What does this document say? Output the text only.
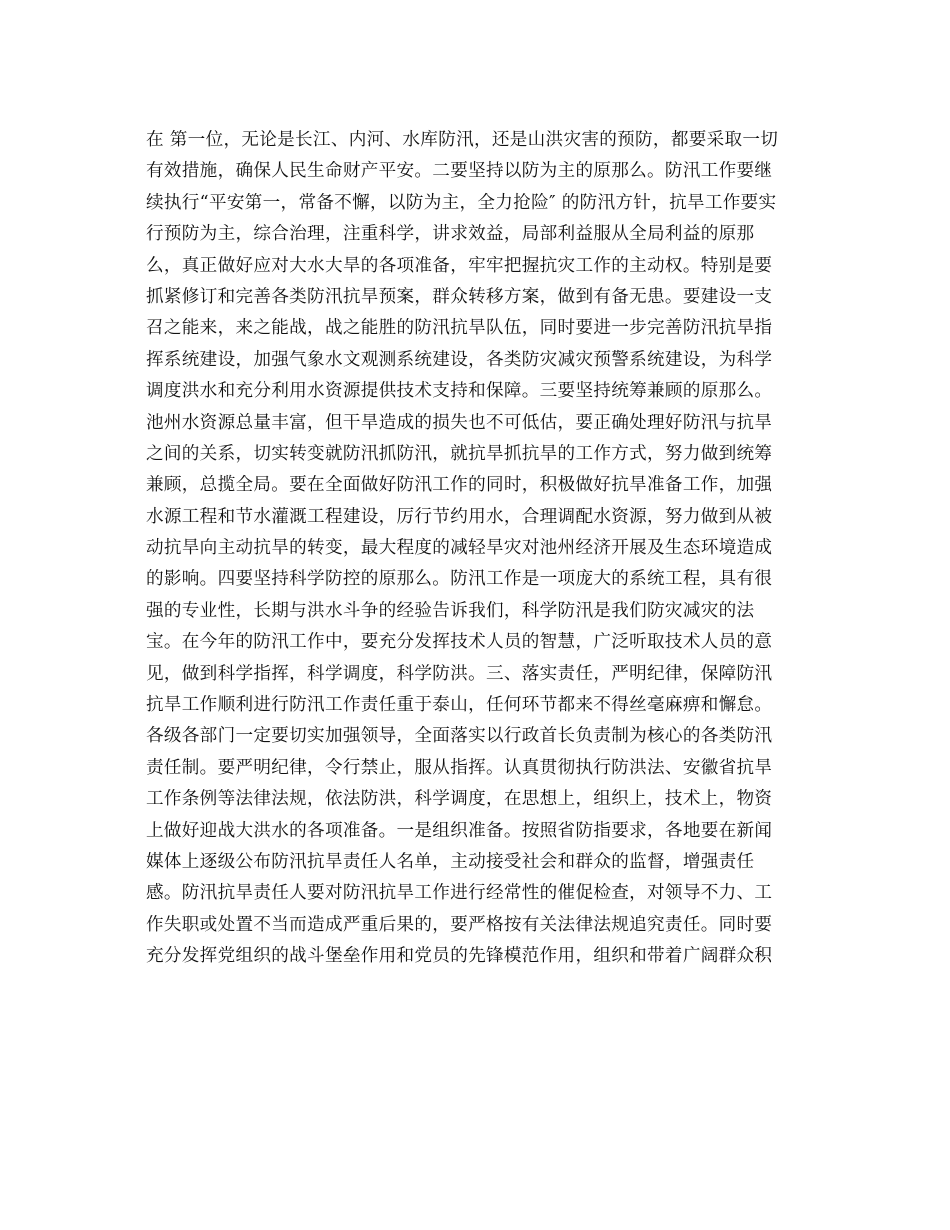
在 第一位，无论是长江、内河、水库防汛，还是山洪灾害的预防，都要采取一切
有效措施，确保人民生命财产平安。二要坚持以防为主的原那么。防汛工作要继
续执行“平安第一，常备不懈，以防为主，全力抢险″ 的防汛方针，抗旱工作要实
行预防为主，综合治理，注重科学，讲求效益，局部利益服从全局利益的原那
么，真正做好应对大水大旱的各项准备，牢牢把握抗灾工作的主动权。特别是要
抓紧修订和完善各类防汛抗旱预案，群众转移方案，做到有备无患。要建设一支
召之能来，来之能战，战之能胜的防汛抗旱队伍，同时要进一步完善防汛抗旱指
挥系统建设，加强气象水文观测系统建设，各类防灾减灾预警系统建设，为科学
调度洪水和充分利用水资源提供技术支持和保障。三要坚持统筹兼顾的原那么。
池州水资源总量丰富，但干旱造成的损失也不可低估，要正确处理好防汛与抗旱
之间的关系，切实转变就防汛抓防汛，就抗旱抓抗旱的工作方式，努力做到统筹
兼顾，总揽全局。要在全面做好防汛工作的同时，积极做好抗旱准备工作，加强
水源工程和节水灌溉工程建设，厉行节约用水，合理调配水资源，努力做到从被
动抗旱向主动抗旱的转变，最大程度的减轻旱灾对池州经济开展及生态环境造成
的影响。四要坚持科学防控的原那么。防汛工作是一项庞大的系统工程，具有很
强的专业性，长期与洪水斗争的经验告诉我们，科学防汛是我们防灾减灾的法
宝。在今年的防汛工作中，要充分发挥技术人员的智慧，广泛听取技术人员的意
见，做到科学指挥，科学调度，科学防洪。三、落实责任，严明纪律，保障防汛
抗旱工作顺利进行防汛工作责任重于泰山，任何环节都来不得丝毫麻痹和懈怠。
各级各部门一定要切实加强领导，全面落实以行政首长负责制为核心的各类防汛
责任制。要严明纪律，令行禁止，服从指挥。认真贯彻执行防洪法、安徽省抗旱
工作条例等法律法规，依法防洪，科学调度，在思想上，组织上，技术上，物资
上做好迎战大洪水的各项准备。一是组织准备。按照省防指要求，各地要在新闻
媒体上逐级公布防汛抗旱责任人名单，主动接受社会和群众的监督，增强责任
感。防汛抗旱责任人要对防汛抗旱工作进行经常性的催促检查，对领导不力、工
作失职或处置不当而造成严重后果的，要严格按有关法律法规追究责任。同时要
充分发挥党组织的战斗堡垒作用和党员的先锋模范作用，组织和带着广阔群众积
